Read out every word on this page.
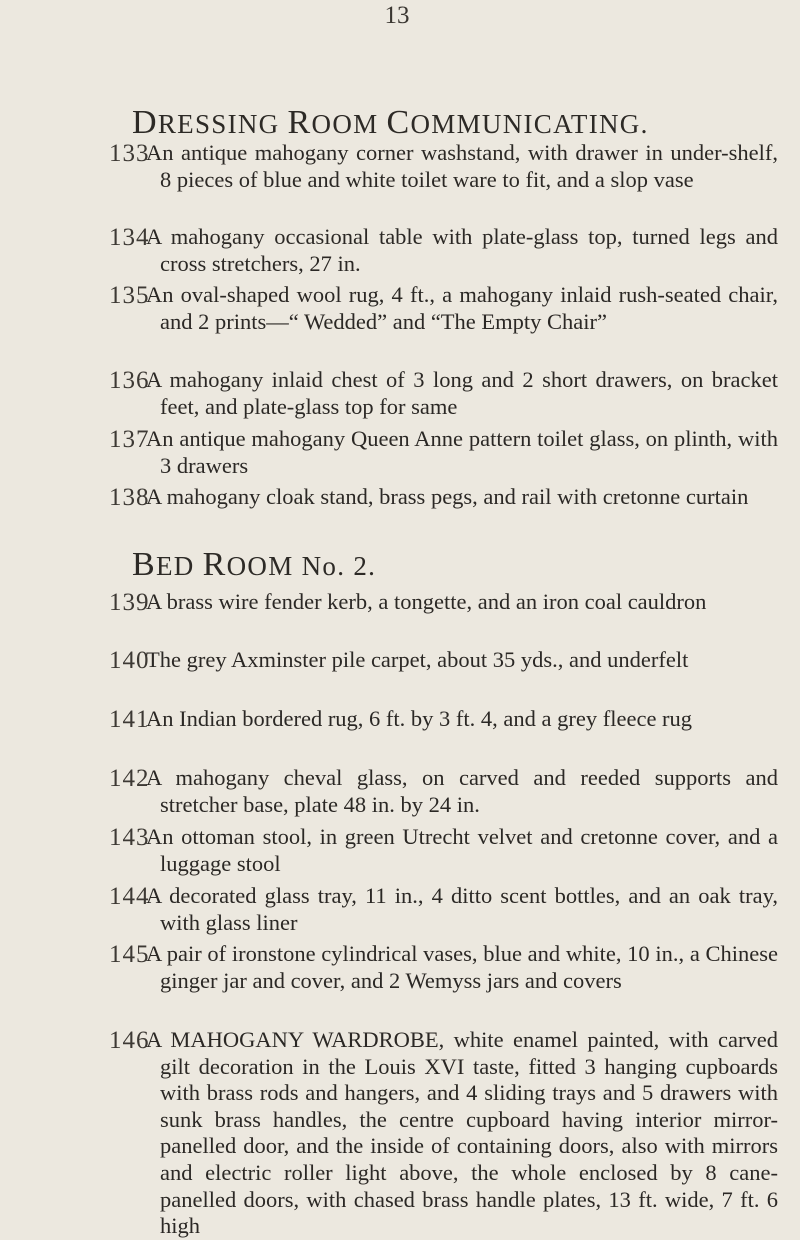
13
DRESSING ROOM COMMUNICATING.
133
An antique mahogany corner washstand, with drawer in under-shelf, 8 pieces of blue and white toilet ware to fit, and a slop vase
134
A mahogany occasional table with plate-glass top, turned legs and cross stretchers, 27 in.
135
An oval-shaped wool rug, 4 ft., a mahogany inlaid rush-seated chair, and 2 prints—“ Wedded” and “The Empty Chair”
136
A mahogany inlaid chest of 3 long and 2 short drawers, on bracket feet, and plate-glass top for same
137
An antique mahogany Queen Anne pattern toilet glass, on plinth, with 3 drawers
138
A mahogany cloak stand, brass pegs, and rail with cretonne curtain
BED ROOM No. 2.
139
A brass wire fender kerb, a tongette, and an iron coal cauldron
140
The grey Axminster pile carpet, about 35 yds., and underfelt
141
An Indian bordered rug, 6 ft. by 3 ft. 4, and a grey fleece rug
142
A mahogany cheval glass, on carved and reeded supports and stretcher base, plate 48 in. by 24 in.
143
An ottoman stool, in green Utrecht velvet and cretonne cover, and a luggage stool
144
A decorated glass tray, 11 in., 4 ditto scent bottles, and an oak tray, with glass liner
145
A pair of ironstone cylindrical vases, blue and white, 10 in., a Chinese ginger jar and cover, and 2 Wemyss jars and covers
146
A MAHOGANY WARDROBE, white enamel painted, with carved gilt decoration in the Louis XVI taste, fitted 3 hanging cupboards with brass rods and hangers, and 4 sliding trays and 5 drawers with sunk brass handles, the centre cupboard having interior mirror-panelled door, and the inside of containing doors, also with mirrors and electric roller light above, the whole enclosed by 8 cane-panelled doors, with chased brass handle plates, 13 ft. wide, 7 ft. 6 high
